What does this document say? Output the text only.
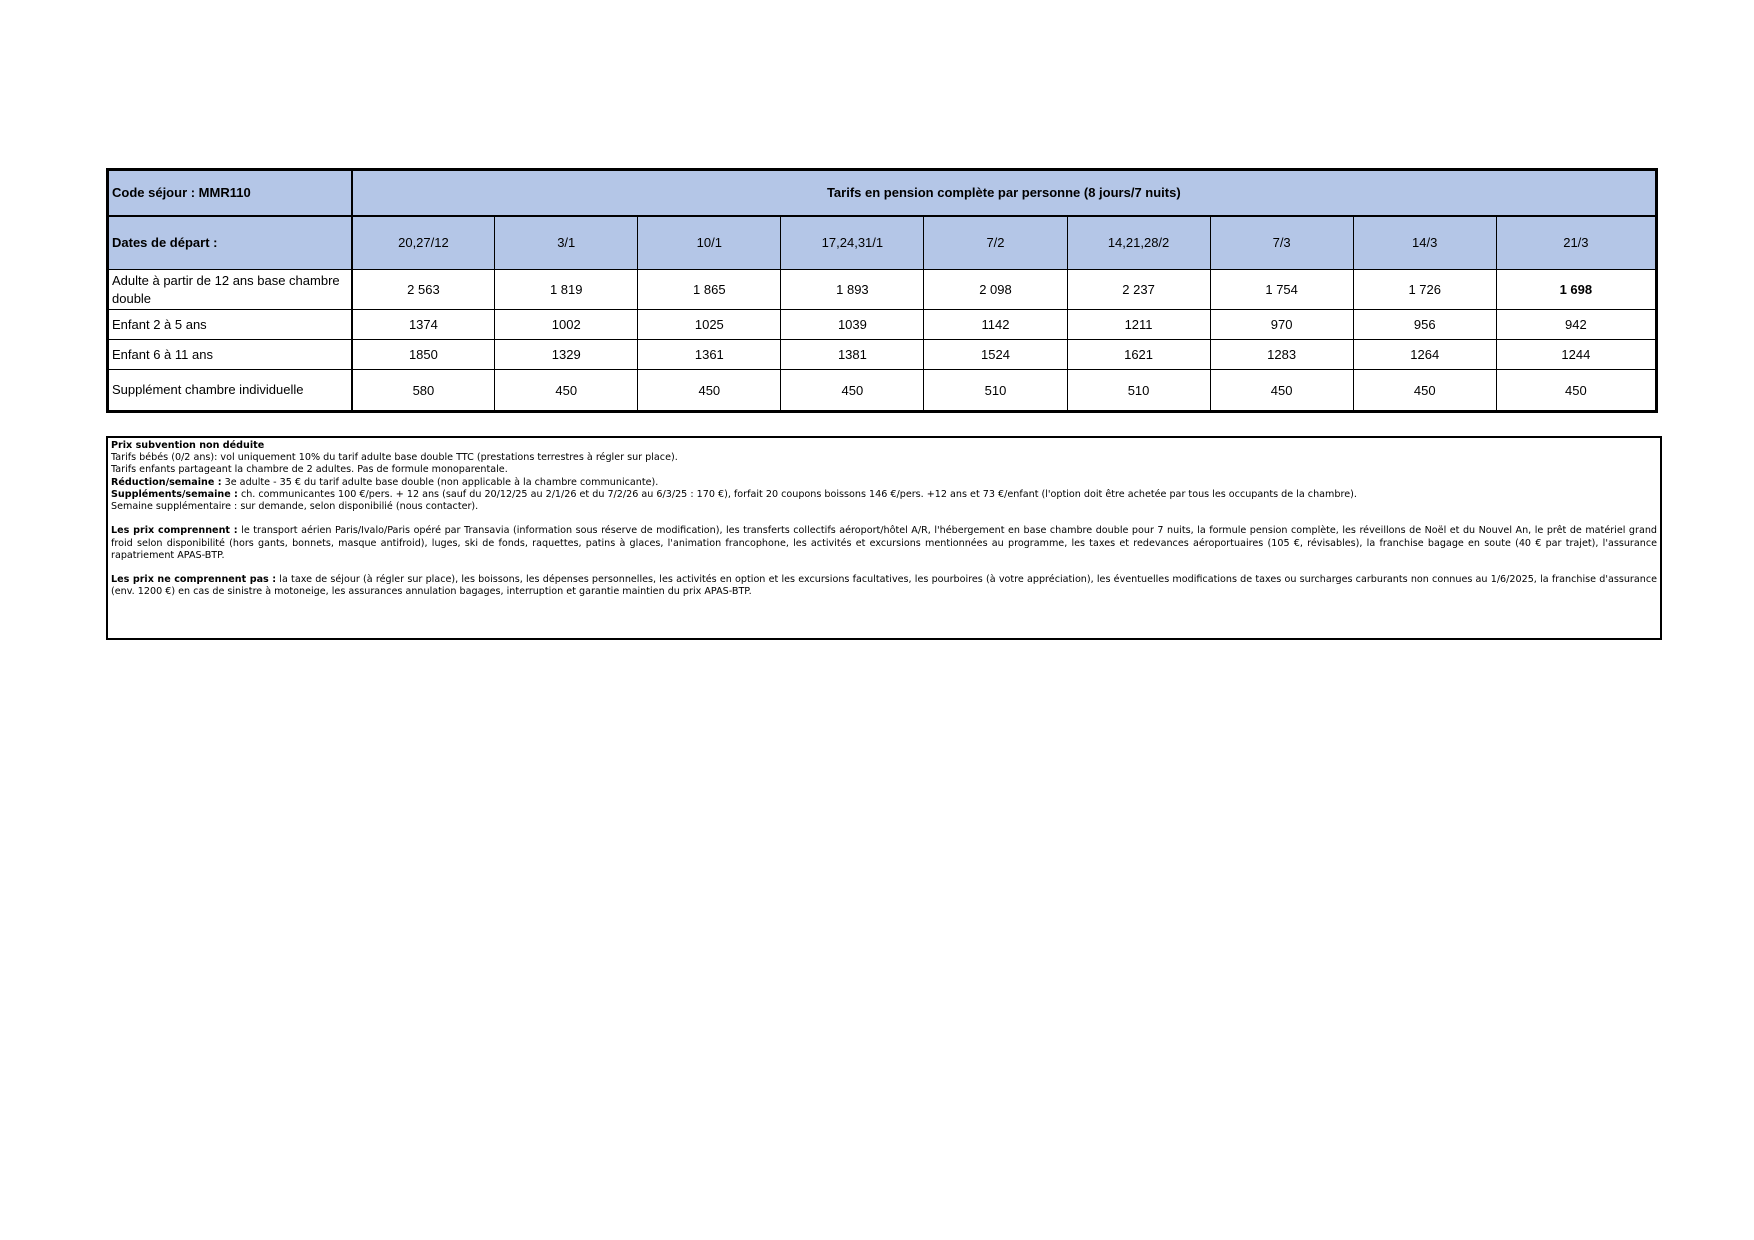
Code séjour : MMR110	Tarifs en pension complète par personne (8 jours/7 nuits)								
Dates de départ :	20,27/12	3/1	10/1	17,24,31/1	7/2	14,21,28/2	7/3	14/3	21/3
Adulte à partir de 12 ans base chambre double	2 563	1 819	1 865	1 893	2 098	2 237	1 754	1 726	1 698
Enfant 2 à 5 ans	1374	1002	1025	1039	1142	1211	970	956	942
Enfant 6 à 11 ans	1850	1329	1361	1381	1524	1621	1283	1264	1244
Supplément chambre individuelle	580	450	450	450	510	510	450	450	450

Prix subvention non déduite

Tarifs bébés (0/2 ans): vol uniquement 10% du tarif adulte base double TTC (prestations terrestres à régler sur place).

Tarifs enfants partageant la chambre de 2 adultes. Pas de formule monoparentale.

Réduction/semaine : 3e adulte - 35 € du tarif adulte base double (non applicable à la chambre communicante).

Suppléments/semaine : ch. communicantes 100 €/pers. + 12 ans (sauf du 20/12/25 au 2/1/26 et du 7/2/26 au 6/3/25 : 170 €), forfait 20 coupons boissons 146 €/pers. +12 ans et 73 €/enfant (l'option doit être achetée par tous les occupants de la chambre).

Semaine supplémentaire : sur demande, selon disponibilié (nous contacter).

Les prix comprennent : le transport aérien Paris/Ivalo/Paris opéré par Transavia (information sous réserve de modification), les transferts collectifs aéroport/hôtel A/R, l'hébergement en base chambre double pour 7 nuits, la formule pension complète, les réveillons de Noël et du Nouvel An, le prêt de matériel grand froid selon disponibilité (hors gants, bonnets, masque antifroid), luges, ski de fonds, raquettes, patins à glaces, l'animation francophone, les activités et excursions mentionnées au programme, les taxes et redevances aéroportuaires (105 €, révisables), la franchise bagage en soute (40 € par trajet), l'assurance rapatriement APAS-BTP.

Les prix ne comprennent pas : la taxe de séjour (à régler sur place), les boissons, les dépenses personnelles, les activités en option et les excursions facultatives, les pourboires (à votre appréciation), les éventuelles modifications de taxes ou surcharges carburants non connues au 1/6/2025, la franchise d'assurance (env. 1200 €) en cas de sinistre à motoneige, les assurances annulation bagages, interruption et garantie maintien du prix APAS-BTP.
